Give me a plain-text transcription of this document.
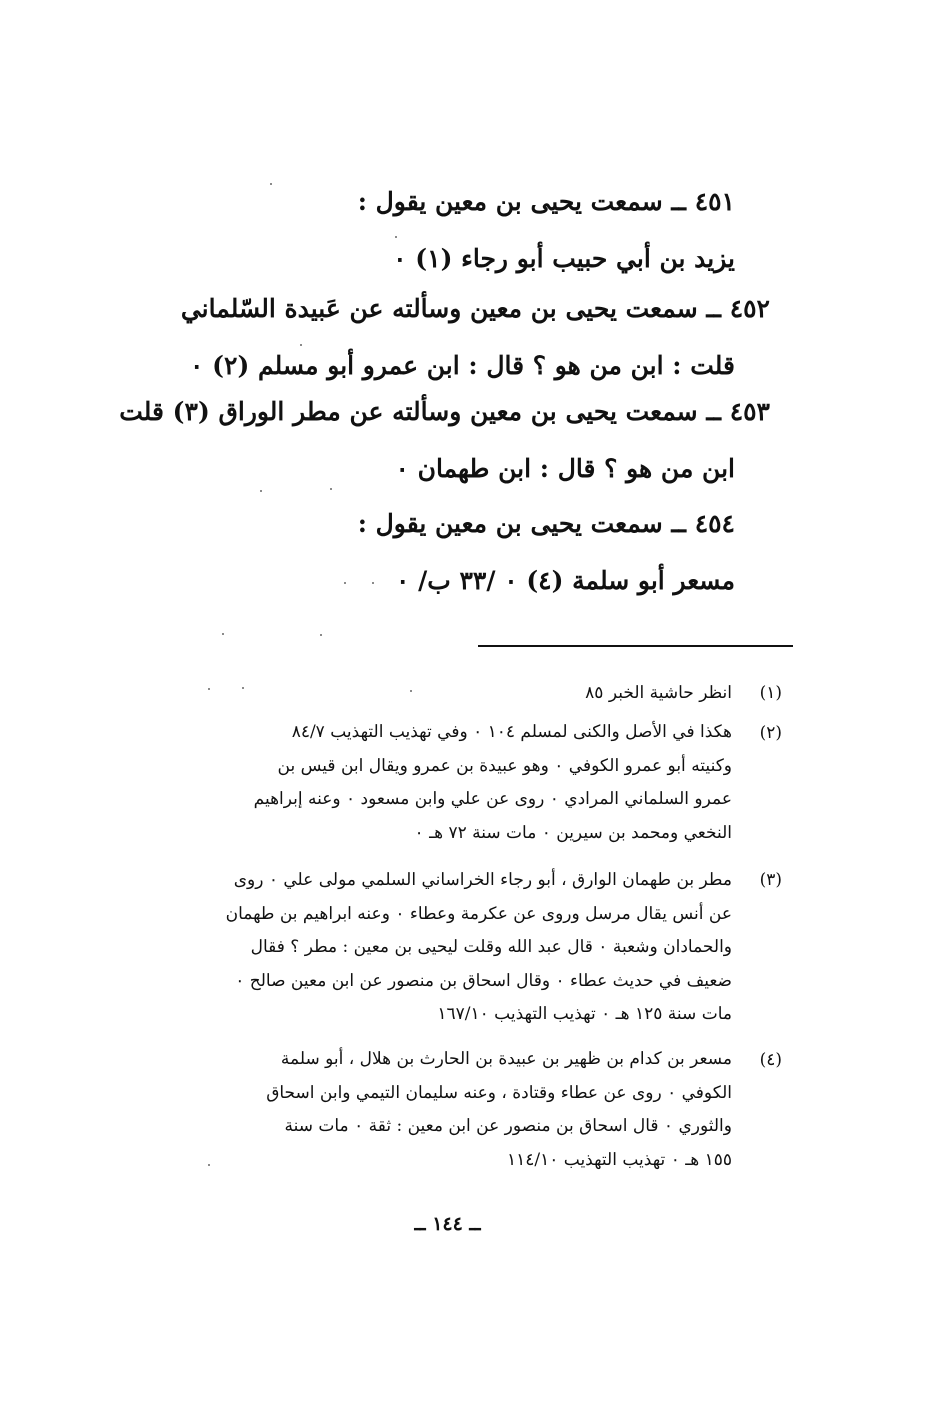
٤٥١ ــ سمعت يحيى بن معين يقول :
يزيد بن أبي حبيب أبو رجاء (١) ٠
٤٥٢ ــ سمعت يحيى بن معين وسألته عن عَبيدة السّلماني
قلت : ابن من هو ؟ قال : ابن عمرو أبو مسلم (٢) ٠
٤٥٣ ــ سمعت يحيى بن معين وسألته عن مطر الوراق (٣) قلت
ابن من هو ؟ قال : ابن طهمان ٠
٤٥٤ ــ سمعت يحيى بن معين يقول :
مسعر أبو سلمة (٤) ٠ /٣٣ ب/ ٠
(١)
انظر حاشية الخبر ٨٥
(٢)
هكذا في الأصل والكنى لمسلم ١٠٤ ٠ وفي تهذيب التهذيب ٨٤/٧
وكنيته أبو عمرو الكوفي ٠ وهو عبيدة بن عمرو ويقال ابن قيس بن
عمرو السلماني المرادي ٠ روى عن علي وابن مسعود ٠ وعنه إبراهيم
النخعي ومحمد بن سيرين ٠ مات سنة ٧٢ هـ ٠
(٣)
مطر بن طهمان الوارق ، أبو رجاء الخراساني السلمي مولى علي ٠ روى
عن أنس يقال مرسل وروى عن عكرمة وعطاء ٠ وعنه ابراهيم بن طهمان
والحمادان وشعبة ٠ قال عبد الله وقلت ليحيى بن معين : مطر ؟ فقال
ضعيف في حديث عطاء ٠ وقال اسحاق بن منصور عن ابن معين صالح ٠
مات سنة ١٢٥ هـ ٠ تهذيب التهذيب ١٦٧/١٠
(٤)
مسعر بن كدام بن ظهير بن عبيدة بن الحارث بن هلال ، أبو سلمة
الكوفي ٠ روى عن عطاء وقتادة ، وعنه سليمان التيمي وابن اسحاق
والثوري ٠ قال اسحاق بن منصور عن ابن معين : ثقة ٠ مات سنة
١٥٥ هـ ٠ تهذيب التهذيب ١١٤/١٠
ــ ١٤٤ ــ
